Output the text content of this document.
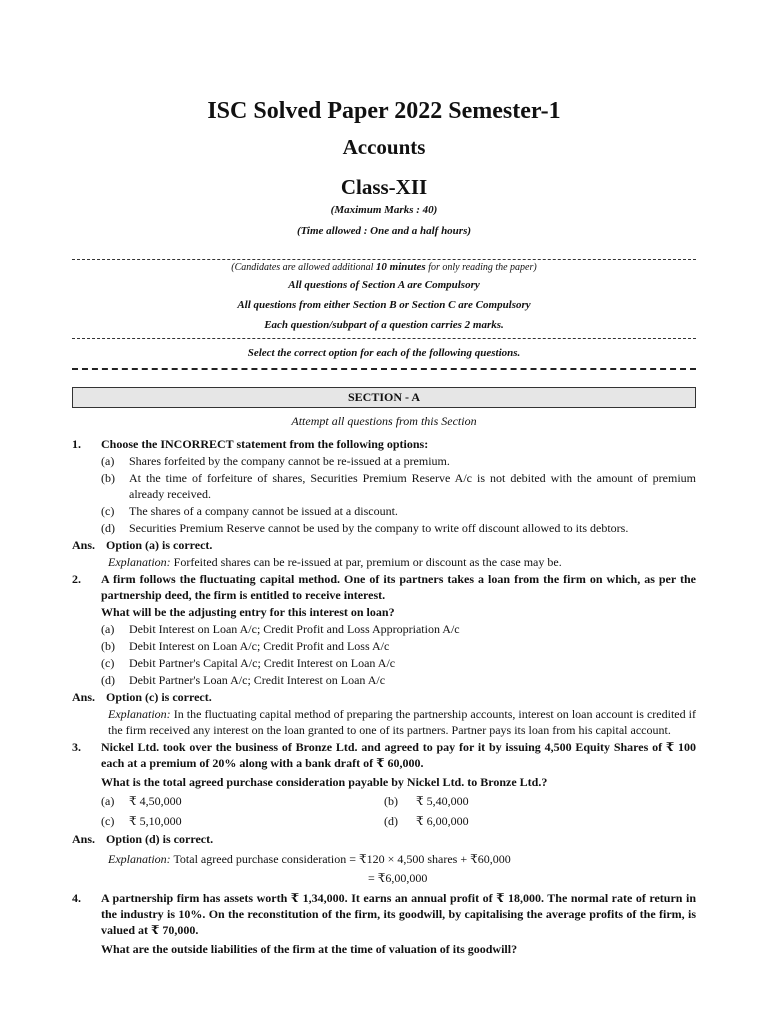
ISC Solved Paper 2022 Semester-1
Accounts
Class-XII
(Maximum Marks : 40)
(Time allowed : One and a half hours)
(Candidates are allowed additional 10 minutes for only reading the paper)
All questions of Section A are Compulsory
All questions from either Section B or Section C are Compulsory
Each question/subpart of a question carries 2 marks.
Select the correct option for each of the following questions.
SECTION - A
Attempt all questions from this Section
1.	Choose the INCORRECT statement from the following options:
(a)	Shares forfeited by the company cannot be re-issued at a premium.
(b)	At the time of forfeiture of shares, Securities Premium Reserve A/c is not debited with the amount of premium already received.
(c)	The shares of a company cannot be issued at a discount.
(d)	Securities Premium Reserve cannot be used by the company to write off discount allowed to its debtors.
Ans. Option (a) is correct.
Explanation: Forfeited shares can be re-issued at par, premium or discount as the case may be.
2.	A firm follows the fluctuating capital method. One of its partners takes a loan from the firm on which, as per the partnership deed, the firm is entitled to receive interest.
What will be the adjusting entry for this interest on loan?
(a)	Debit Interest on Loan A/c; Credit Profit and Loss Appropriation A/c
(b)	Debit Interest on Loan A/c; Credit Profit and Loss A/c
(c)	Debit Partner's Capital A/c; Credit Interest on Loan A/c
(d)	Debit Partner's Loan A/c; Credit Interest on Loan A/c
Ans. Option (c) is correct.
Explanation: In the fluctuating capital method of preparing the partnership accounts, interest on loan account is credited if the firm received any interest on the loan granted to one of its partners. Partner pays its loan from his capital account.
3.	Nickel Ltd. took over the business of Bronze Ltd. and agreed to pay for it by issuing 4,500 Equity Shares of ₹ 100 each at a premium of 20% along with a bank draft of ₹ 60,000.
What is the total agreed purchase consideration payable by Nickel Ltd. to Bronze Ltd.?
(a)	₹ 4,50,000	(b)	₹ 5,40,000
(c)	₹ 5,10,000	(d)	₹ 6,00,000
Ans. Option (d) is correct.
Explanation: Total agreed purchase consideration = ₹120 × 4,500 shares + ₹60,000
= ₹6,00,000
4.	A partnership firm has assets worth ₹ 1,34,000. It earns an annual profit of ₹ 18,000. The normal rate of return in the industry is 10%. On the reconstitution of the firm, its goodwill, by capitalising the average profits of the firm, is valued at ₹ 70,000.
What are the outside liabilities of the firm at the time of valuation of its goodwill?
